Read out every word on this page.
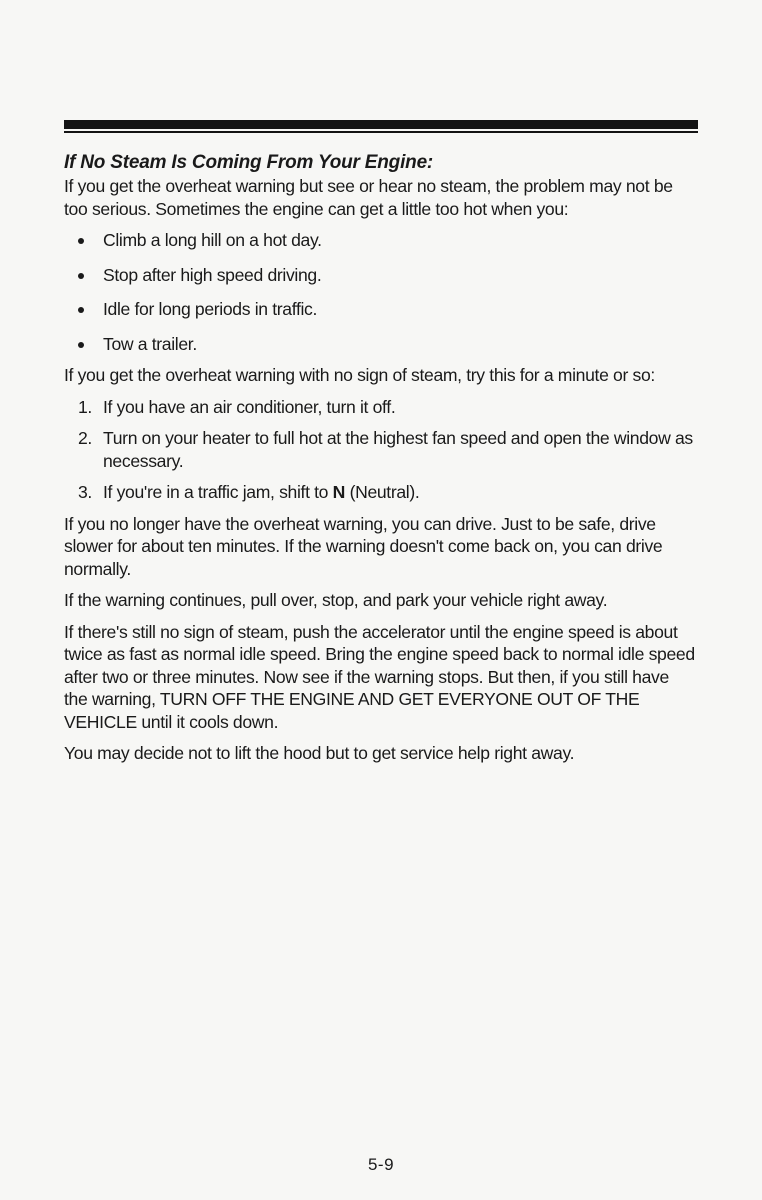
If No Steam Is Coming From Your Engine:

If you get the overheat warning but see or hear no steam, the problem may not be too serious. Sometimes the engine can get a little too hot when you:

Climb a long hill on a hot day.
Stop after high speed driving.
Idle for long periods in traffic.
Tow a trailer.

If you get the overheat warning with no sign of steam, try this for a minute or so:

1. If you have an air conditioner, turn it off.
2. Turn on your heater to full hot at the highest fan speed and open the window as necessary.
3. If you're in a traffic jam, shift to N (Neutral).

If you no longer have the overheat warning, you can drive. Just to be safe, drive slower for about ten minutes. If the warning doesn't come back on, you can drive normally.

If the warning continues, pull over, stop, and park your vehicle right away.

If there's still no sign of steam, push the accelerator until the engine speed is about twice as fast as normal idle speed. Bring the engine speed back to normal idle speed after two or three minutes. Now see if the warning stops. But then, if you still have the warning, TURN OFF THE ENGINE AND GET EVERYONE OUT OF THE VEHICLE until it cools down.

You may decide not to lift the hood but to get service help right away.

5-9
